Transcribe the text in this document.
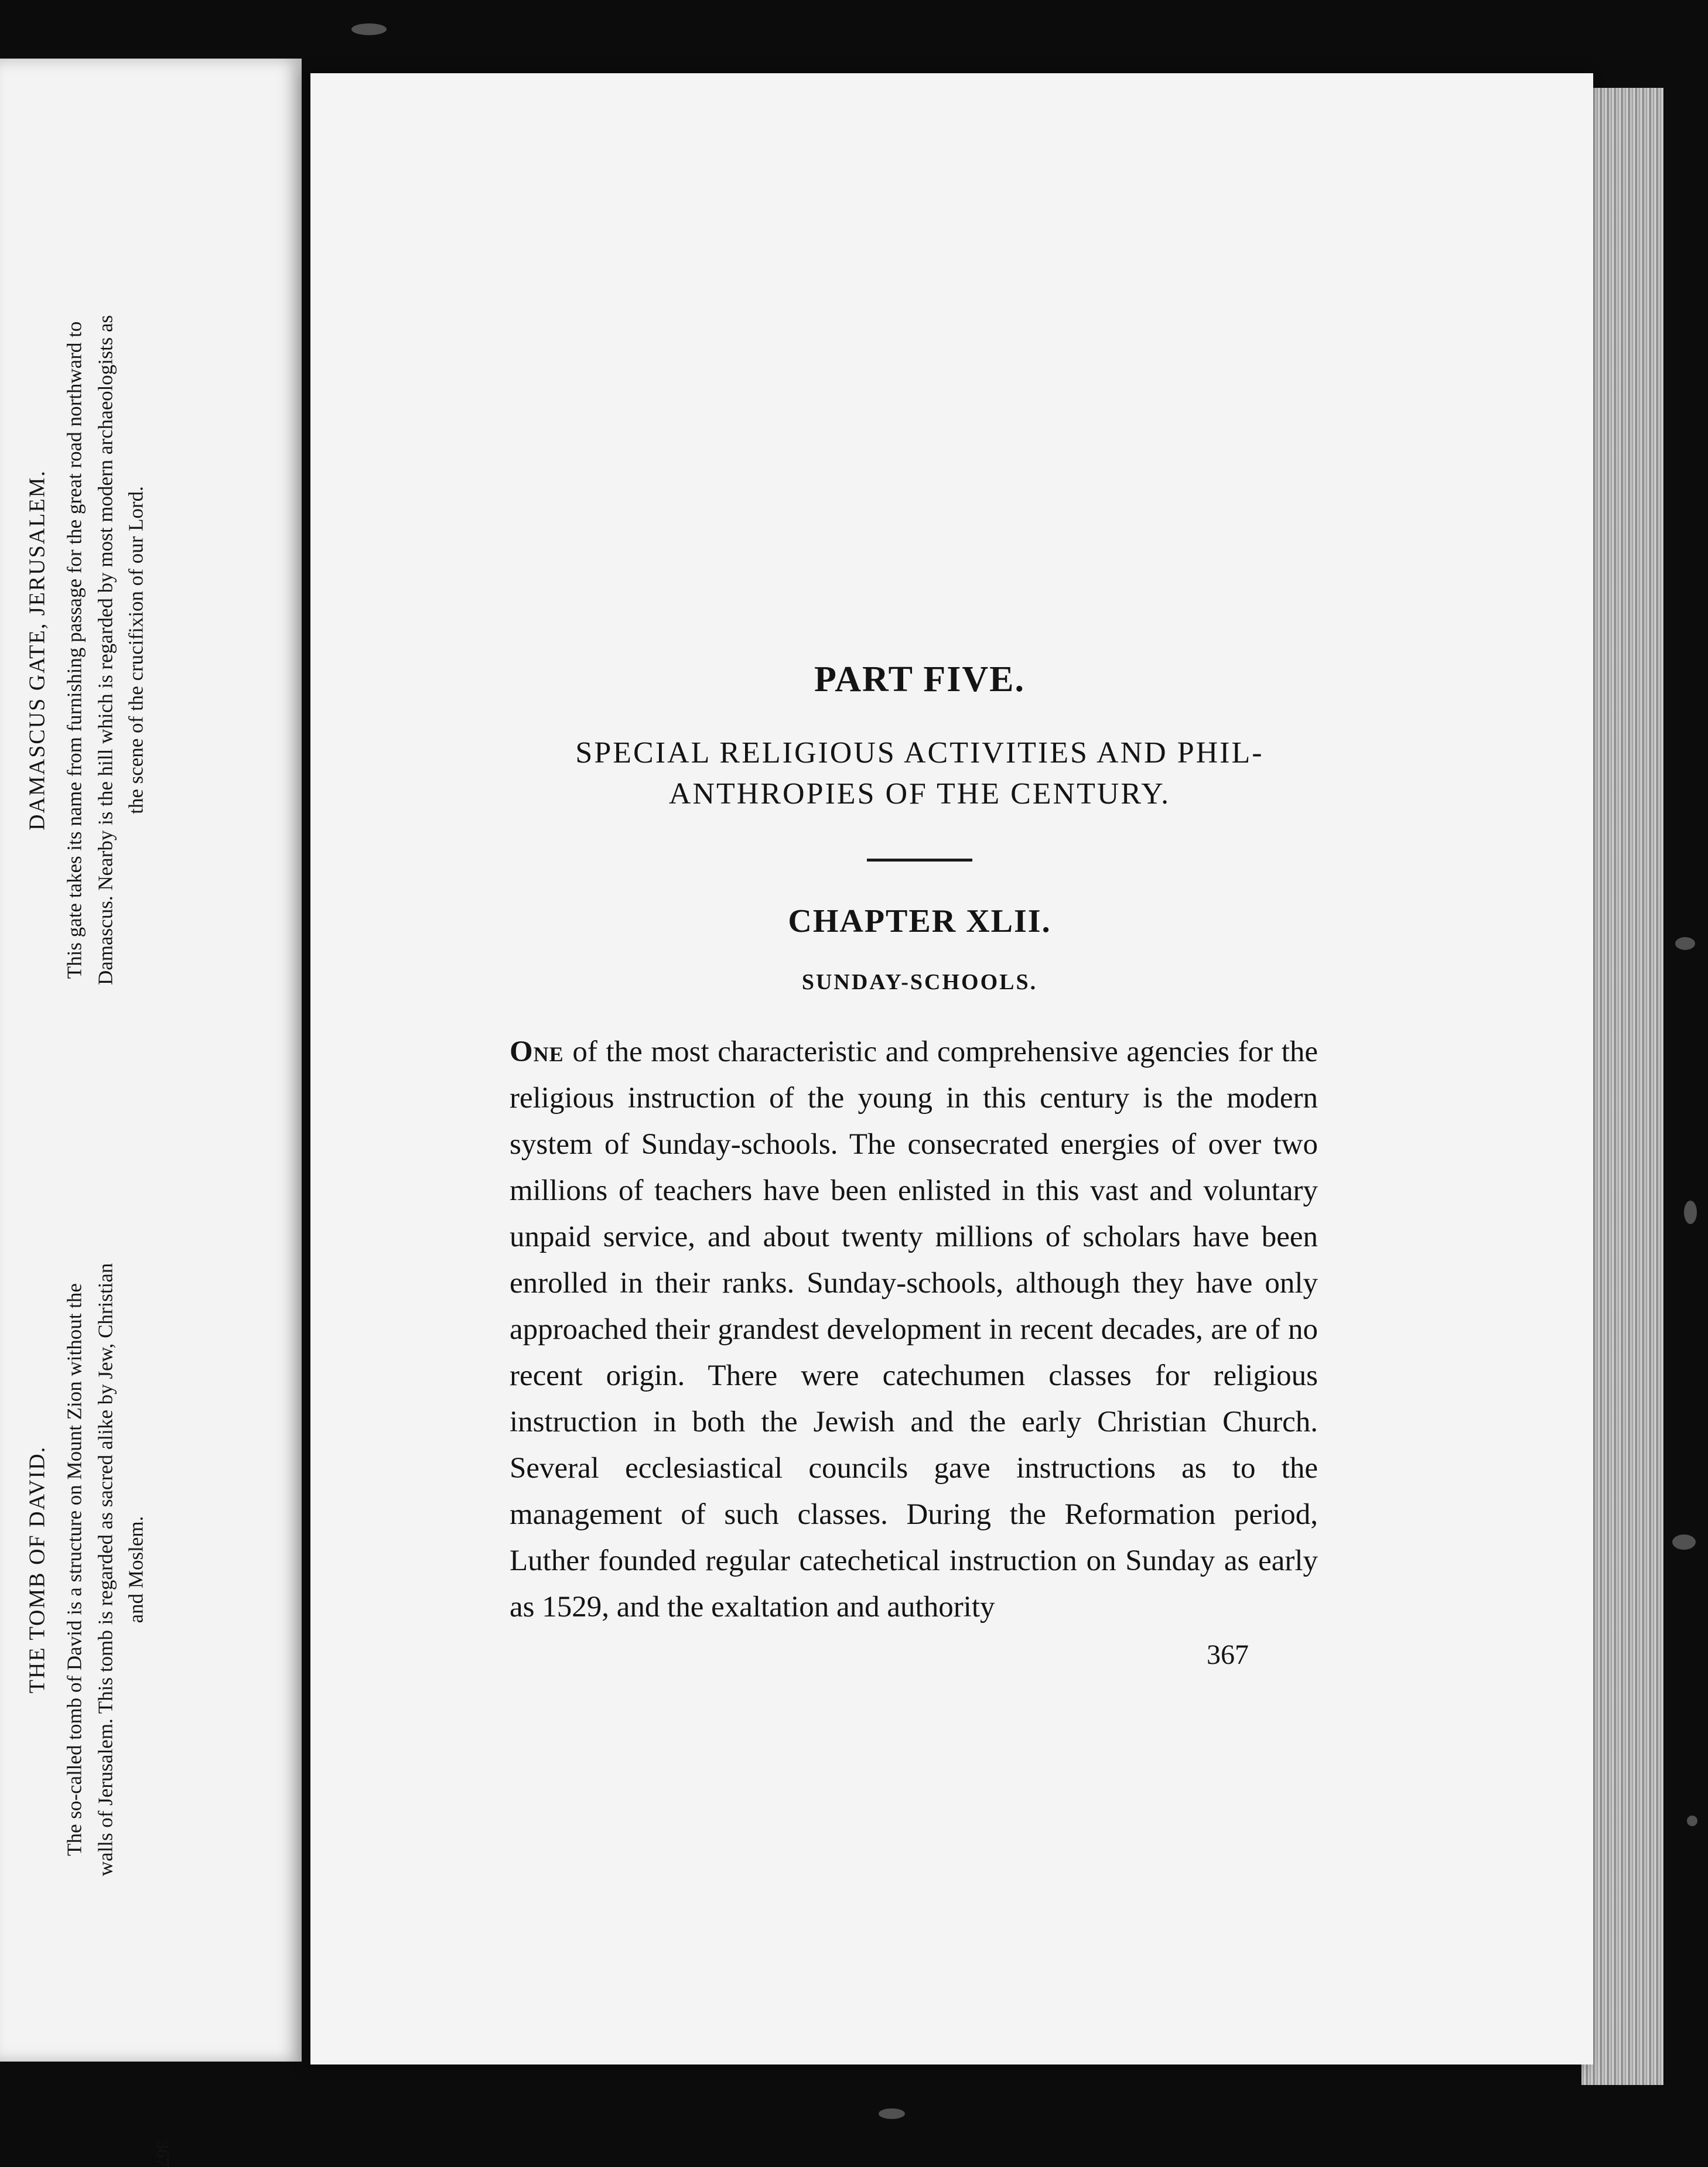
DAMASCUS GATE, JERUSALEM. This gate takes its name from furnishing passage for the great road northward to Damascus. Nearby is the hill which is regarded by most modern archaeologists as the scene of the crucifixion of our Lord.

THE TOMB OF DAVID. The so-called tomb of David is a structure on Mount Zion without the walls of Jerusalem. This tomb is regarded as sacred alike by Jew, Christian and Moslem.

367
PART FIVE.
SPECIAL RELIGIOUS ACTIVITIES AND PHIL-ANTHROPIES OF THE CENTURY.
CHAPTER XLII.
SUNDAY-SCHOOLS.

One of the most characteristic and comprehensive agencies for the religious instruction of the young in this century is the modern system of Sunday-schools. The consecrated energies of over two millions of teachers have been enlisted in this vast and voluntary unpaid service, and about twenty millions of scholars have been enrolled in their ranks. Sunday-schools, although they have only approached their grandest development in recent decades, are of no recent origin. There were catechumen classes for religious instruction in both the Jewish and the early Christian Church. Several ecclesiastical councils gave instructions as to the management of such classes. During the Reformation period, Luther founded regular catechetical instruction on Sunday as early as 1529, and the exaltation and authority

367
